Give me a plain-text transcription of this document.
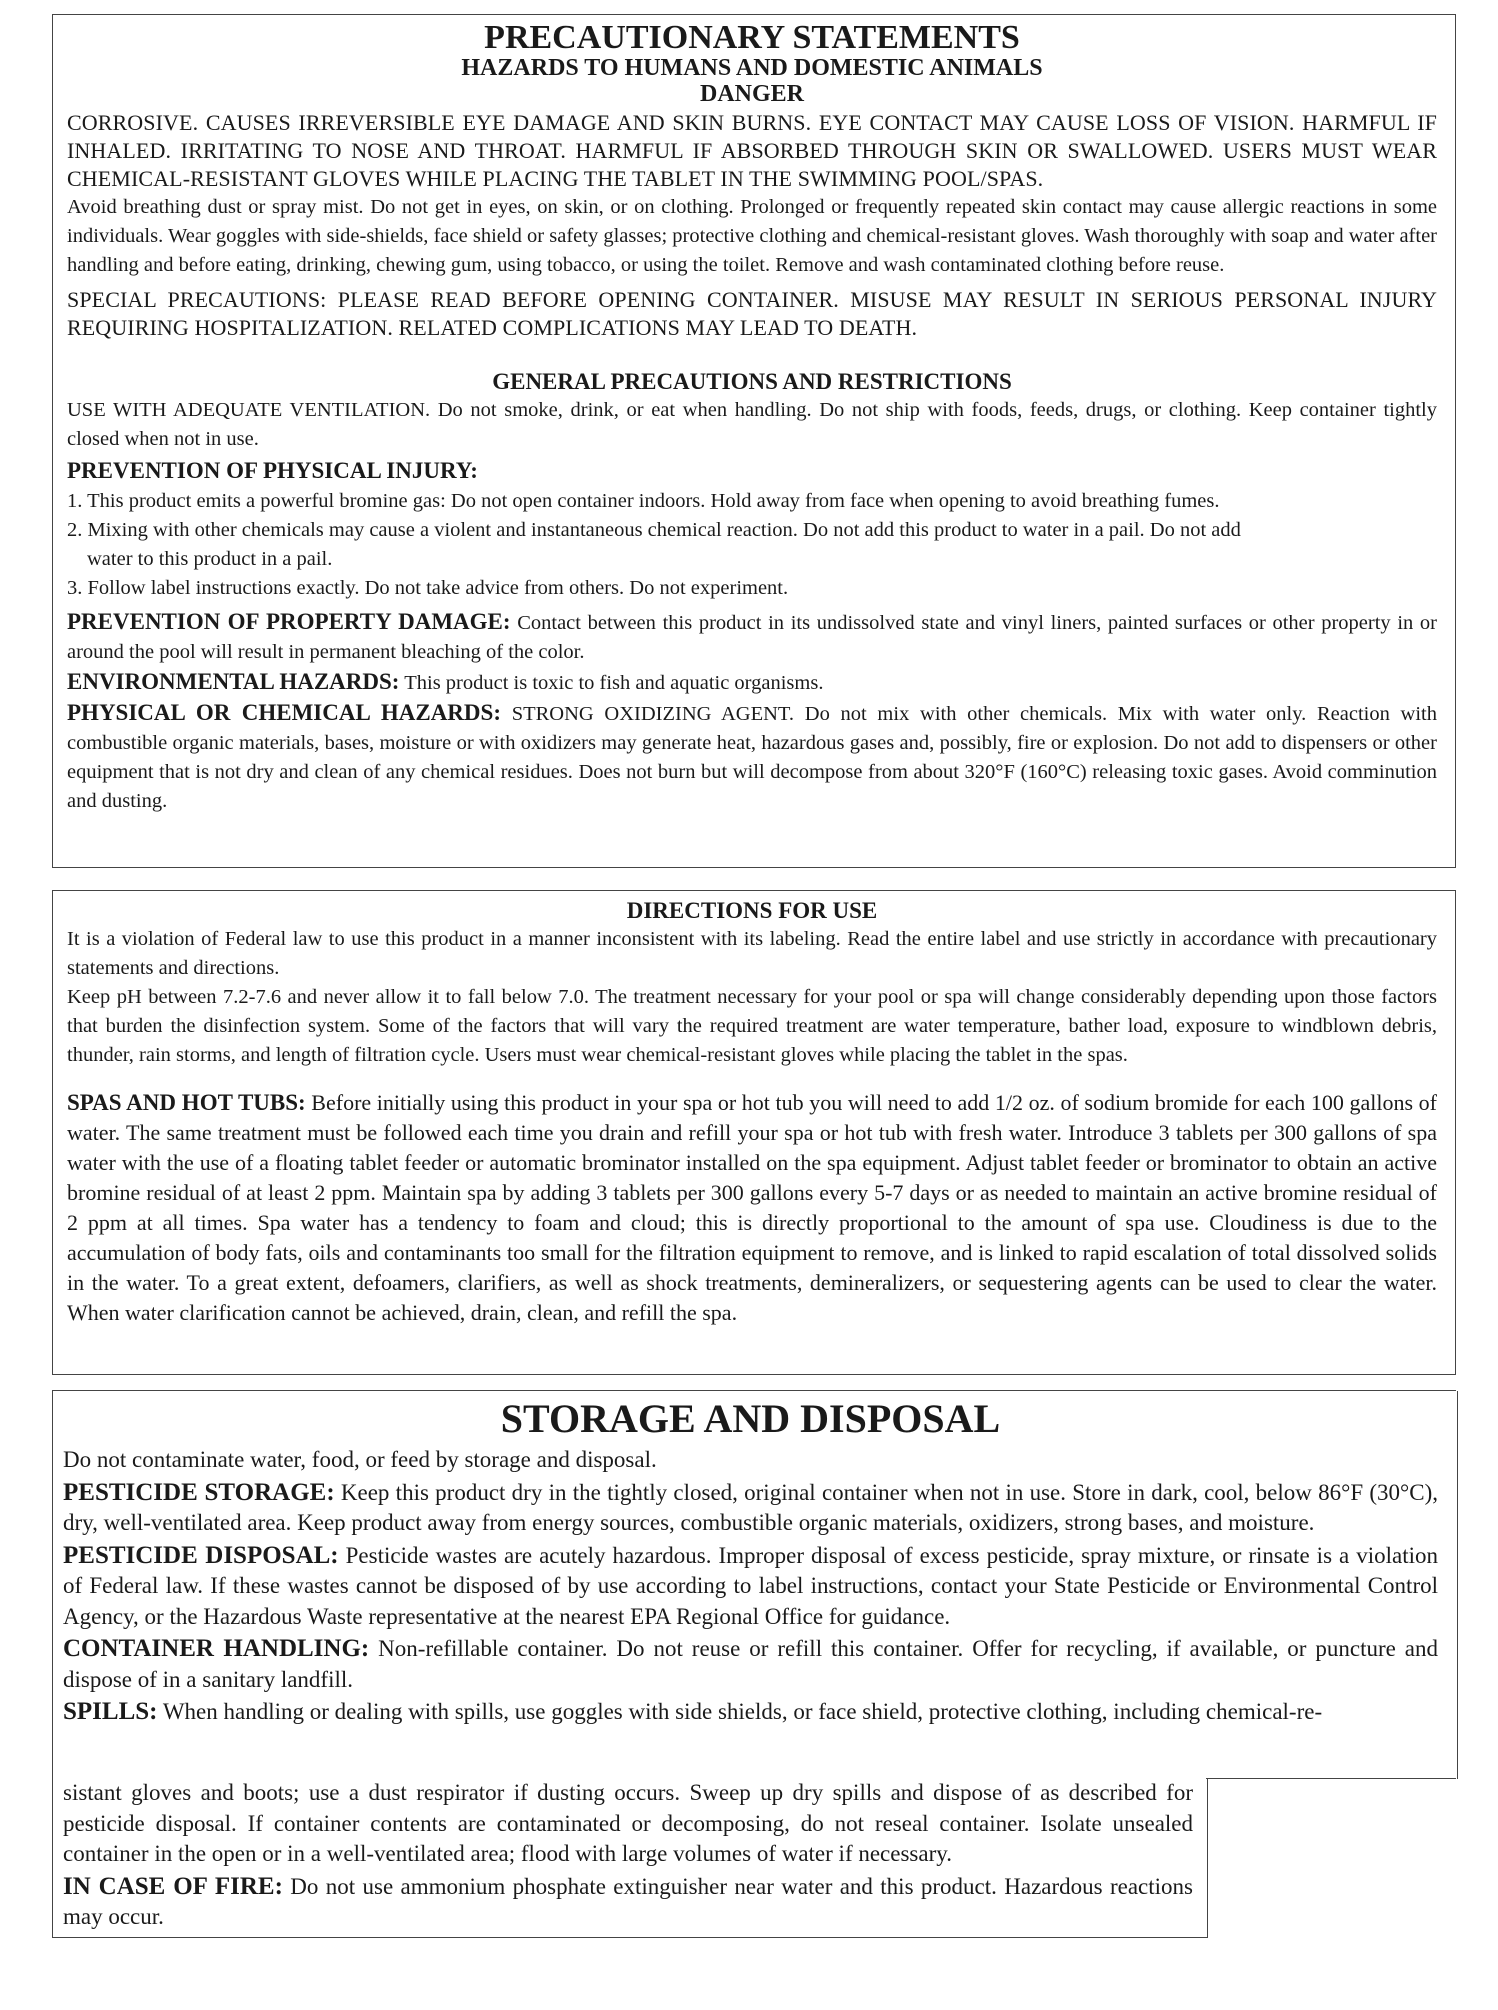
PRECAUTIONARY STATEMENTS

HAZARDS TO HUMANS AND DOMESTIC ANIMALS

DANGER

CORROSIVE. CAUSES IRREVERSIBLE EYE DAMAGE AND SKIN BURNS. EYE CONTACT MAY CAUSE LOSS OF VISION. HARMFUL IF INHALED. IRRITATING TO NOSE AND THROAT. HARMFUL IF ABSORBED THROUGH SKIN OR SWALLOWED. USERS MUST WEAR CHEMICAL-RESISTANT GLOVES WHILE PLACING THE TABLET IN THE SWIMMING POOL/SPAS.

Avoid breathing dust or spray mist. Do not get in eyes, on skin, or on clothing. Prolonged or frequently repeated skin contact may cause allergic reactions in some individuals. Wear goggles with side-shields, face shield or safety glasses; protective clothing and chemical-resistant gloves. Wash thoroughly with soap and water after handling and before eating, drinking, chewing gum, using tobacco, or using the toilet. Remove and wash contaminated clothing before reuse.

SPECIAL PRECAUTIONS: PLEASE READ BEFORE OPENING CONTAINER. MISUSE MAY RESULT IN SERIOUS PERSONAL INJURY REQUIRING HOSPITALIZATION. RELATED COMPLICATIONS MAY LEAD TO DEATH.

GENERAL PRECAUTIONS AND RESTRICTIONS

USE WITH ADEQUATE VENTILATION. Do not smoke, drink, or eat when handling. Do not ship with foods, feeds, drugs, or clothing. Keep container tightly closed when not in use.

PREVENTION OF PHYSICAL INJURY:

1. This product emits a powerful bromine gas: Do not open container indoors. Hold away from face when opening to avoid breathing fumes.

2. Mixing with other chemicals may cause a violent and instantaneous chemical reaction. Do not add this product to water in a pail. Do not add

water to this product in a pail.

3. Follow label instructions exactly. Do not take advice from others. Do not experiment.

PREVENTION OF PROPERTY DAMAGE: Contact between this product in its undissolved state and vinyl liners, painted surfaces or other property in or around the pool will result in permanent bleaching of the color.

ENVIRONMENTAL HAZARDS: This product is toxic to fish and aquatic organisms.

PHYSICAL OR CHEMICAL HAZARDS: STRONG OXIDIZING AGENT. Do not mix with other chemicals. Mix with water only. Reaction with combustible organic materials, bases, moisture or with oxidizers may generate heat, hazardous gases and, possibly, fire or explosion. Do not add to dispensers or other equipment that is not dry and clean of any chemical residues. Does not burn but will decompose from about 320°F (160°C) releasing toxic gases. Avoid comminution and dusting.

DIRECTIONS FOR USE

It is a violation of Federal law to use this product in a manner inconsistent with its labeling. Read the entire label and use strictly in accordance with precautionary statements and directions.

Keep pH between 7.2-7.6 and never allow it to fall below 7.0. The treatment necessary for your pool or spa will change considerably depending upon those factors that burden the disinfection system. Some of the factors that will vary the required treatment are water temperature, bather load, exposure to windblown debris, thunder, rain storms, and length of filtration cycle. Users must wear chemical-resistant gloves while placing the tablet in the spas.

SPAS AND HOT TUBS: Before initially using this product in your spa or hot tub you will need to add 1/2 oz. of sodium bromide for each 100 gallons of water. The same treatment must be followed each time you drain and refill your spa or hot tub with fresh water. Introduce 3 tablets per 300 gallons of spa water with the use of a floating tablet feeder or automatic brominator installed on the spa equipment. Adjust tablet feeder or brominator to obtain an active bromine residual of at least 2 ppm. Maintain spa by adding 3 tablets per 300 gallons every 5-7 days or as needed to maintain an active bromine residual of 2 ppm at all times. Spa water has a tendency to foam and cloud; this is directly proportional to the amount of spa use. Cloudiness is due to the accumulation of body fats, oils and contaminants too small for the filtration equipment to remove, and is linked to rapid escalation of total dissolved solids in the water. To a great extent, defoamers, clarifiers, as well as shock treatments, demineralizers, or sequestering agents can be used to clear the water. When water clarification cannot be achieved, drain, clean, and refill the spa.

STORAGE AND DISPOSAL

Do not contaminate water, food, or feed by storage and disposal.

PESTICIDE STORAGE: Keep this product dry in the tightly closed, original container when not in use. Store in dark, cool, below 86°F (30°C), dry, well-ventilated area. Keep product away from energy sources, combustible organic materials, oxidizers, strong bases, and moisture.

PESTICIDE DISPOSAL: Pesticide wastes are acutely hazardous. Improper disposal of excess pesticide, spray mixture, or rinsate is a violation of Federal law. If these wastes cannot be disposed of by use according to label instructions, contact your State Pesticide or Environmental Control Agency, or the Hazardous Waste representative at the nearest EPA Regional Office for guidance.

CONTAINER HANDLING: Non-refillable container. Do not reuse or refill this container. Offer for recycling, if available, or puncture and dispose of in a sanitary landfill.

SPILLS: When handling or dealing with spills, use goggles with side shields, or face shield, protective clothing, including chemical-re-

sistant gloves and boots; use a dust respirator if dusting occurs. Sweep up dry spills and dispose of as described for pesticide disposal. If container contents are contaminated or decomposing, do not reseal container. Isolate unsealed container in the open or in a well-ventilated area; flood with large volumes of water if necessary.

IN CASE OF FIRE: Do not use ammonium phosphate extinguisher near water and this product. Hazardous reactions may occur.
